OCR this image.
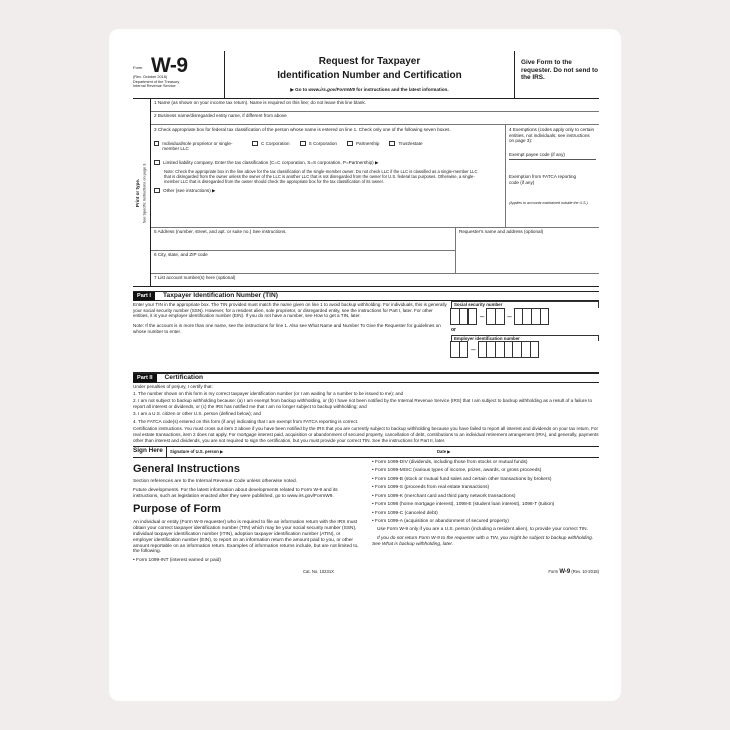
Form W-9
(Rev. October 2018)
Department of the Treasury
Internal Revenue Service
Request for Taxpayer
Identification Number and Certification
▶ Go to www.irs.gov/FormW9 for instructions and the latest information.
Give Form to the requester. Do not send to the IRS.
Print or type. See Specific Instructions on page 3.
1 Name (as shown on your income tax return). Name is required on this line; do not leave this line blank.
2 Business name/disregarded entity name, if different from above
3 Check appropriate box for federal tax classification of the person whose name is entered on line 1. Check only one of the following seven boxes.
Individual/sole proprietor or single-member LLC
C Corporation	S Corporation	Partnership	Trust/estate
Limited liability company. Enter the tax classification (C=C corporation, S=S corporation, P=Partnership) ▶
Note: Check the appropriate box in the line above for the tax classification of the single-member owner. Do not check LLC if the LLC is classified as a single-member LLC that is disregarded from the owner unless the owner of the LLC is another LLC that is not disregarded from the owner for U.S. federal tax purposes. Otherwise, a single-member LLC that is disregarded from the owner should check the appropriate box for the tax classification of its owner.
Other (see instructions) ▶
4 Exemptions (codes apply only to certain entities, not individuals; see instructions on page 3):
Exempt payee code (if any)
Exemption from FATCA reporting code (if any)
(Applies to accounts maintained outside the U.S.)
5 Address (number, street, and apt. or suite no.) See instructions.
6 City, state, and ZIP code
Requester's name and address (optional)
7 List account number(s) here (optional)
Part I	Taxpayer Identification Number (TIN)

Enter your TIN in the appropriate box. The TIN provided must match the name given on line 1 to avoid backup withholding. For individuals, this is generally your social security number (SSN). However, for a resident alien, sole proprietor, or disregarded entity, see the instructions for Part I, later. For other entities, it is your employer identification number (EIN). If you do not have a number, see How to get a TIN, later.

Note: If the account is in more than one name, see the instructions for line 1. Also see What Name and Number To Give the Requester for guidelines on whose number to enter.

Social security number
–	–
or
Employer identification number
–
Part II	Certification

Under penalties of perjury, I certify that:

1. The number shown on this form is my correct taxpayer identification number (or I am waiting for a number to be issued to me); and

2. I am not subject to backup withholding because: (a) I am exempt from backup withholding, or (b) I have not been notified by the Internal Revenue Service (IRS) that I am subject to backup withholding as a result of a failure to report all interest or dividends, or (c) the IRS has notified me that I am no longer subject to backup withholding; and

3. I am a U.S. citizen or other U.S. person (defined below); and

4. The FATCA code(s) entered on this form (if any) indicating that I am exempt from FATCA reporting is correct.

Certification instructions. You must cross out item 2 above if you have been notified by the IRS that you are currently subject to backup withholding because you have failed to report all interest and dividends on your tax return. For real estate transactions, item 2 does not apply. For mortgage interest paid, acquisition or abandonment of secured property, cancellation of debt, contributions to an individual retirement arrangement (IRA), and generally, payments other than interest and dividends, you are not required to sign the certification, but you must provide your correct TIN. See the instructions for Part II, later.

Sign Here	Signature of U.S. person ▶	Date ▶
General Instructions

Section references are to the Internal Revenue Code unless otherwise noted.

Future developments. For the latest information about developments related to Form W-9 and its instructions, such as legislation enacted after they were published, go to www.irs.gov/FormW9.

Purpose of Form

An individual or entity (Form W-9 requester) who is required to file an information return with the IRS must obtain your correct taxpayer identification number (TIN) which may be your social security number (SSN), individual taxpayer identification number (ITIN), adoption taxpayer identification number (ATIN), or employer identification number (EIN), to report on an information return the amount paid to you, or other amount reportable on an information return. Examples of information returns include, but are not limited to, the following.

• Form 1099-INT (interest earned or paid)

• Form 1099-DIV (dividends, including those from stocks or mutual funds)

• Form 1099-MISC (various types of income, prizes, awards, or gross proceeds)

• Form 1099-B (stock or mutual fund sales and certain other transactions by brokers)

• Form 1099-S (proceeds from real estate transactions)

• Form 1099-K (merchant card and third party network transactions)

• Form 1098 (home mortgage interest), 1098-E (student loan interest), 1098-T (tuition)

• Form 1099-C (canceled debt)

• Form 1099-A (acquisition or abandonment of secured property)

Use Form W-9 only if you are a U.S. person (including a resident alien), to provide your correct TIN.

If you do not return Form W-9 to the requester with a TIN, you might be subject to backup withholding. See What is backup withholding, later.

Cat. No. 10231X	Form W-9 (Rev. 10-2018)
